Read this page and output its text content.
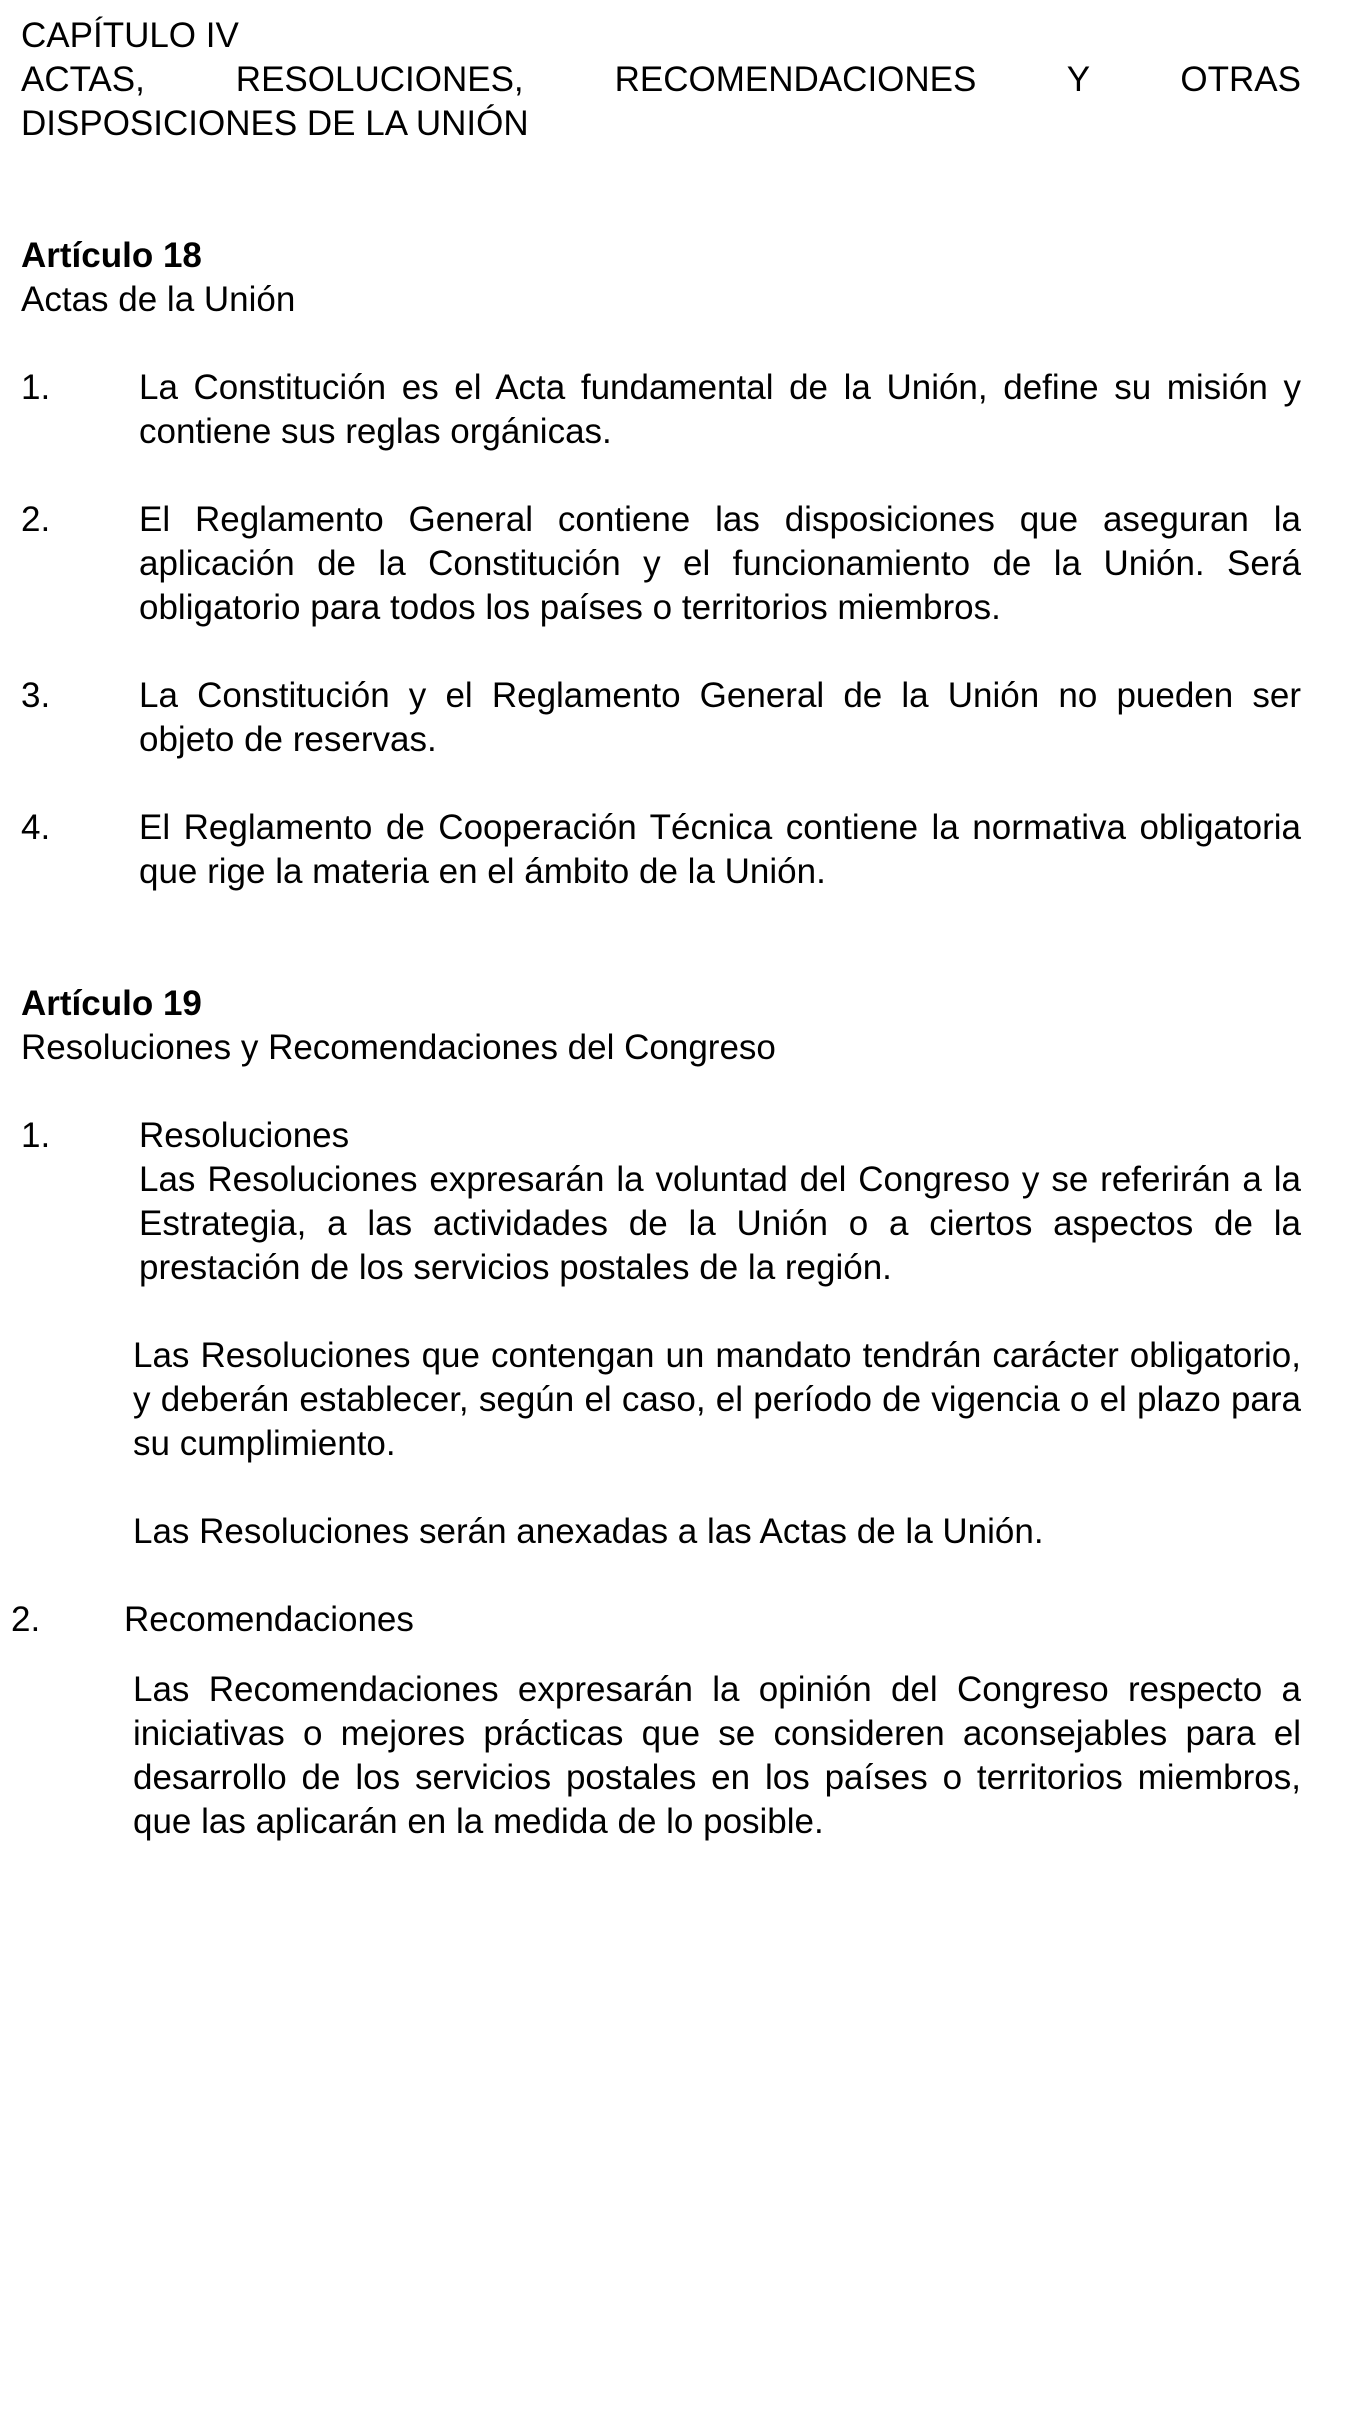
CAPÍTULO IV
ACTAS, RESOLUCIONES, RECOMENDACIONES Y OTRAS
DISPOSICIONES DE LA UNIÓN
Artículo 18
Actas de la Unión
1.	La Constitución es el Acta fundamental de la Unión, define su misión y contiene sus reglas orgánicas.

2.	El Reglamento General contiene las disposiciones que aseguran la aplicación de la Constitución y el funcionamiento de la Unión. Será obligatorio para todos los países o territorios miembros.

3.	La Constitución y el Reglamento General de la Unión no pueden ser objeto de reservas.

4.	El Reglamento de Cooperación Técnica contiene la normativa obligatoria que rige la materia en el ámbito de la Unión.

Artículo 19
Resoluciones y Recomendaciones del Congreso
1.	Resoluciones

Las Resoluciones expresarán la voluntad del Congreso y se referirán a la Estrategia, a las actividades de la Unión o a ciertos aspectos de la prestación de los servicios postales de la región.

Las Resoluciones que contengan un mandato tendrán carácter obligatorio, y deberán establecer, según el caso, el período de vigencia o el plazo para su cumplimiento.

Las Resoluciones serán anexadas a las Actas de la Unión.

2. Recomendaciones

Las Recomendaciones expresarán la opinión del Congreso respecto a iniciativas o mejores prácticas que se consideren aconsejables para el desarrollo de los servicios postales en los países o territorios miembros, que las aplicarán en la medida de lo posible.
